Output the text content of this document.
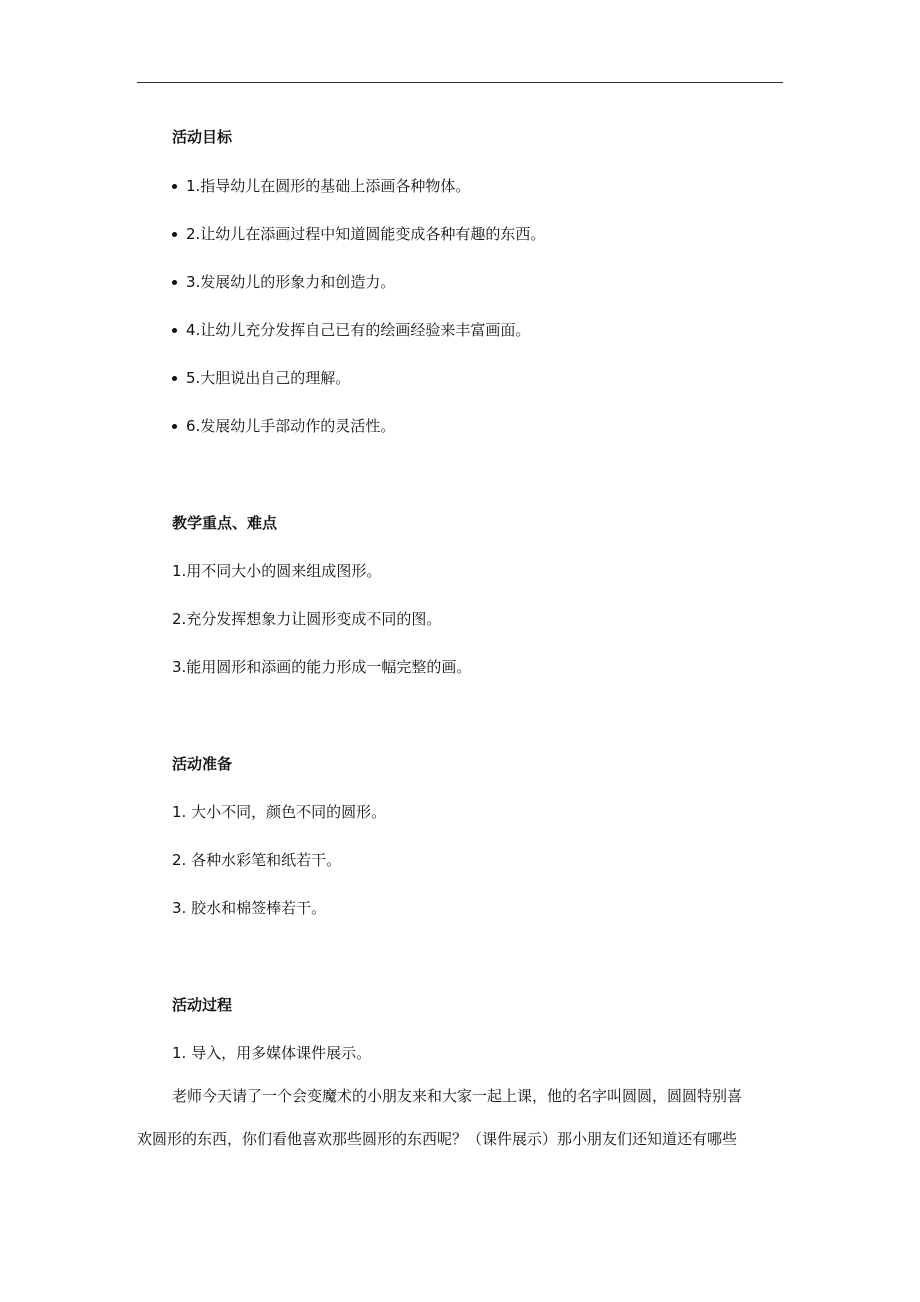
活动目标
1.指导幼儿在圆形的基础上添画各种物体。
2.让幼儿在添画过程中知道圆能变成各种有趣的东西。
3.发展幼儿的形象力和创造力。
4.让幼儿充分发挥自己已有的绘画经验来丰富画面。
5.大胆说出自己的理解。
6.发展幼儿手部动作的灵活性。
教学重点、难点
1.用不同大小的圆来组成图形。
2.充分发挥想象力让圆形变成不同的图。
3.能用圆形和添画的能力形成一幅完整的画。
活动准备
1. 大小不同，颜色不同的圆形。
2. 各种水彩笔和纸若干。
3. 胶水和棉签棒若干。
活动过程
1. 导入，用多媒体课件展示。
老师今天请了一个会变魔术的小朋友来和大家一起上课，他的名字叫圆圆，圆圆特别喜
欢圆形的东西，你们看他喜欢那些圆形的东西呢？（课件展示）那小朋友们还知道还有哪些
